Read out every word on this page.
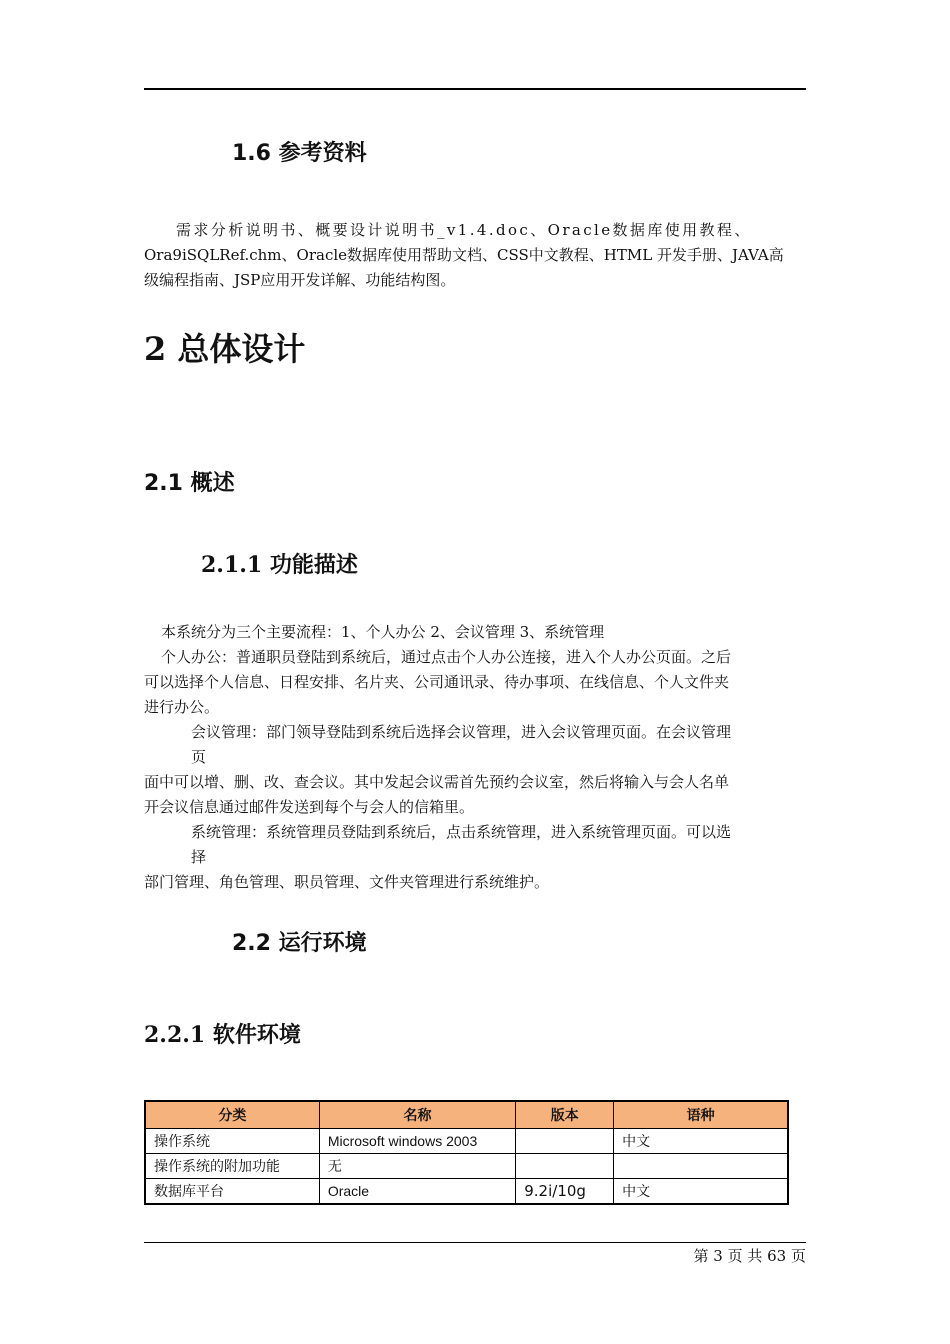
1.6 参考资料
需求分析说明书、概要设计说明书_v1.4.doc、Oracle数据库使用教程、
Ora9iSQLRef.chm、Oracle数据库使用帮助文档、CSS中文教程、HTML 开发手册、JAVA高
级编程指南、JSP应用开发详解、功能结构图。
2 总体设计
2.1 概述
2.1.1 功能描述
本系统分为三个主要流程：1、个人办公 2、会议管理 3、系统管理
个人办公：普通职员登陆到系统后，通过点击个人办公连接，进入个人办公页面。之后
可以选择个人信息、日程安排、名片夹、公司通讯录、待办事项、在线信息、个人文件夹
进行办公。
会议管理：部门领导登陆到系统后选择会议管理，进入会议管理页面。在会议管理
页
面中可以增、删、改、查会议。其中发起会议需首先预约会议室，然后将输入与会人名单
开会议信息通过邮件发送到每个与会人的信箱里。
系统管理：系统管理员登陆到系统后，点击系统管理，进入系统管理页面。可以选
择
部门管理、角色管理、职员管理、文件夹管理进行系统维护。
2.2 运行环境
2.2.1 软件环境
分类	名称	版本	语种
操作系统	Microsoft windows 2003		中文
操作系统的附加功能	无		
数据库平台	Oracle	9.2i/10g	中文
第 3 页 共 63 页
